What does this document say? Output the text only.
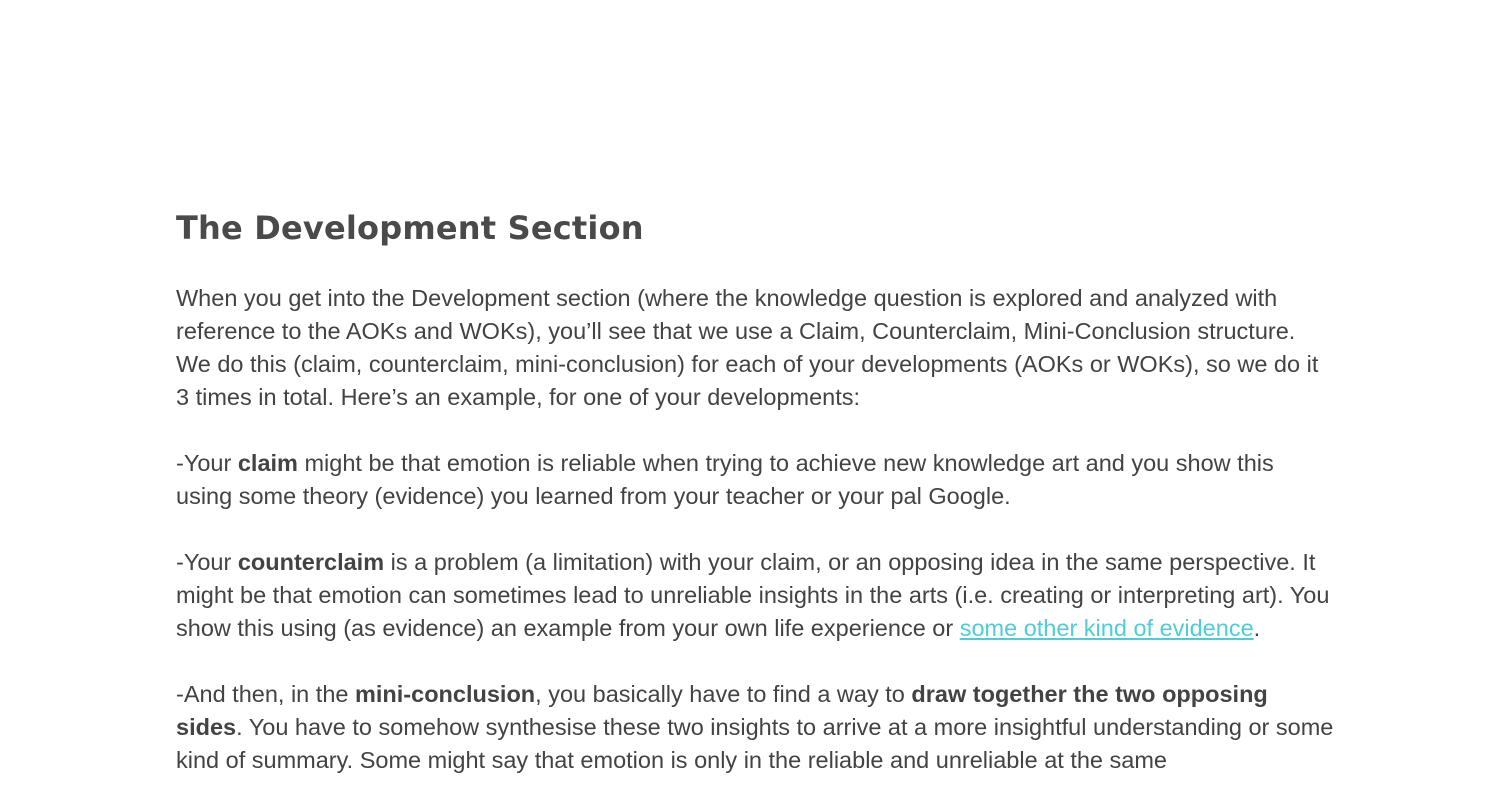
The Development Section

When you get into the Development section (where the knowledge question is explored and analyzed with reference to the AOKs and WOKs), you’ll see that we use a Claim, Counterclaim, Mini-Conclusion structure. We do this (claim, counterclaim, mini-conclusion) for each of your developments (AOKs or WOKs), so we do it 3 times in total. Here’s an example, for one of your developments:

-Your claim might be that emotion is reliable when trying to achieve new knowledge art and you show this using some theory (evidence) you learned from your teacher or your pal Google.

-Your counterclaim is a problem (a limitation) with your claim, or an opposing idea in the same perspective. It might be that emotion can sometimes lead to unreliable insights in the arts (i.e. creating or interpreting art). You show this using (as evidence) an example from your own life experience or some other kind of evidence.

-And then, in the mini-conclusion, you basically have to find a way to draw together the two opposing sides. You have to somehow synthesise these two insights to arrive at a more insightful understanding or some kind of summary. Some might say that emotion is only in the reliable and unreliable at the same
